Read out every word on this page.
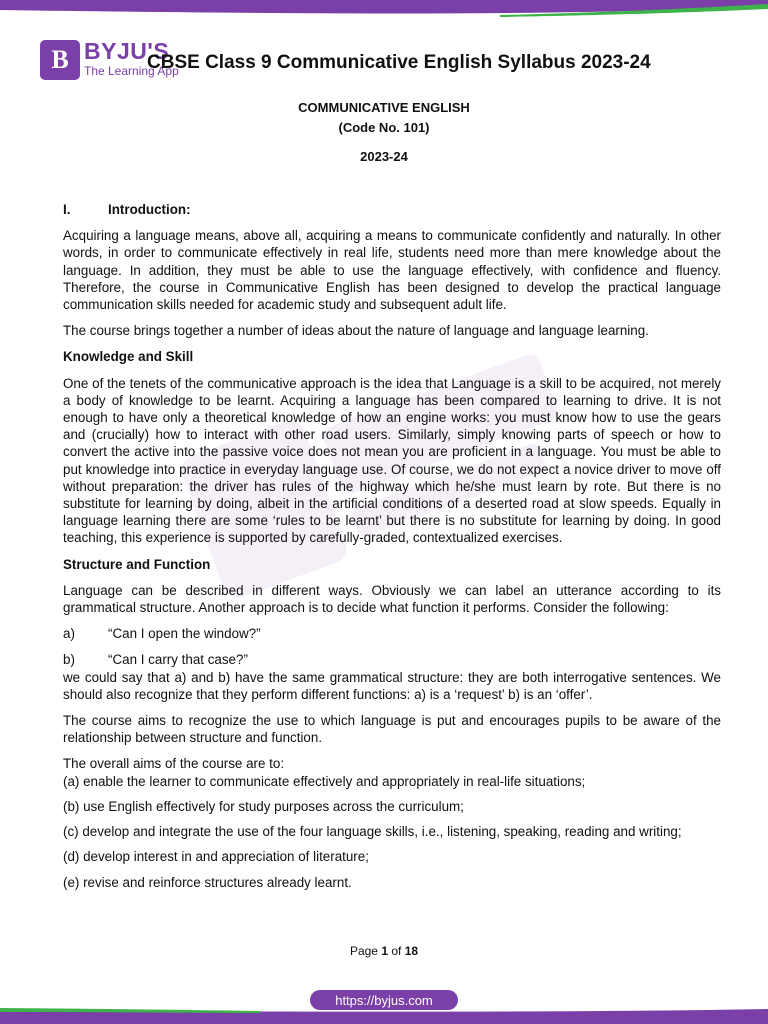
B BYJU'S
The Learning App
CBSE Class 9 Communicative English Syllabus 2023-24
COMMUNICATIVE ENGLISH
(Code No. 101)
2023-24
I.	Introduction:

Acquiring a language means, above all, acquiring a means to communicate confidently and naturally. In other words, in order to communicate effectively in real life, students need more than mere knowledge about the language. In addition, they must be able to use the language effectively, with confidence and fluency. Therefore, the course in Communicative English has been designed to develop the practical language communication skills needed for academic study and subsequent adult life.

The course brings together a number of ideas about the nature of language and language learning.

Knowledge and Skill

One of the tenets of the communicative approach is the idea that Language is a skill to be acquired, not merely a body of knowledge to be learnt. Acquiring a language has been compared to learning to drive. It is not enough to have only a theoretical knowledge of how an engine works: you must know how to use the gears and (crucially) how to interact with other road users. Similarly, simply knowing parts of speech or how to convert the active into the passive voice does not mean you are proficient in a language. You must be able to put knowledge into practice in everyday language use. Of course, we do not expect a novice driver to move off without preparation: the driver has rules of the highway which he/she must learn by rote. But there is no substitute for learning by doing, albeit in the artificial conditions of a deserted road at slow speeds. Equally in language learning there are some ‘rules to be learnt’ but there is no substitute for learning by doing. In good teaching, this experience is supported by carefully-graded, contextualized exercises.

Structure and Function

Language can be described in different ways. Obviously we can label an utterance according to its grammatical structure. Another approach is to decide what function it performs. Consider the following:

a) “Can I open the window?”
b) “Can I carry that case?”

we could say that a) and b) have the same grammatical structure: they are both interrogative sentences. We should also recognize that they perform different functions: a) is a ‘request’ b) is an ‘offer’.

The course aims to recognize the use to which language is put and encourages pupils to be aware of the relationship between structure and function.

The overall aims of the course are to:
(a) enable the learner to communicate effectively and appropriately in real-life situations;
(b) use English effectively for study purposes across the curriculum;
(c) develop and integrate the use of the four language skills, i.e., listening, speaking, reading and writing;
(d) develop interest in and appreciation of literature;
(e) revise and reinforce structures already learnt.
Page 1 of 18
https://byjus.com
